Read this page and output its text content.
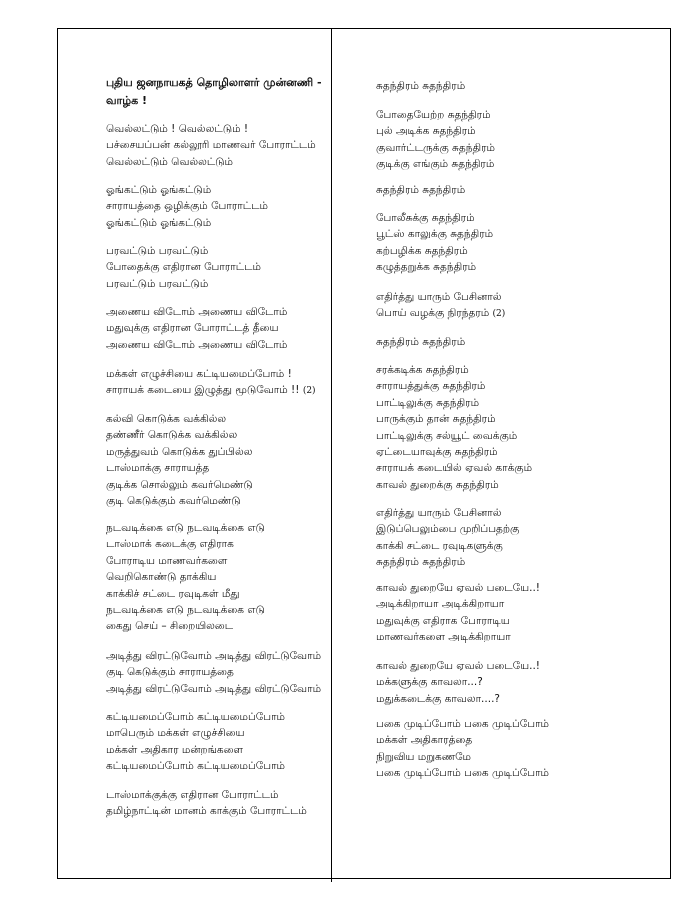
புதிய ஜனநாயகத் தொழிலாளர் முன்னணி -
வாழ்க !
வெல்லட்டும் ! வெல்லட்டும் !
பச்சையப்பன் கல்லூரி மாணவர் போராட்டம்
வெல்லட்டும் வெல்லட்டும்
ஓங்கட்டும் ஓங்கட்டும்
சாராயத்தை ஒழிக்கும் போராட்டம்
ஓங்கட்டும் ஓங்கட்டும்
பரவட்டும் பரவட்டும்
போதைக்கு எதிரான போராட்டம்
பரவட்டும் பரவட்டும்
அணைய விடோம் அணைய விடோம்
மதுவுக்கு எதிரான போராட்டத் தீயை
அணைய விடோம் அணைய விடோம்
மக்கள் எழுச்சியை கட்டியமைப்போம் !
சாராயக் கடையை இழுத்து மூடுவோம் !! (2)
கல்வி கொடுக்க வக்கில்ல
தண்ணீர் கொடுக்க வக்கில்ல
மருத்துவம் கொடுக்க துப்பில்ல
டாஸ்மாக்கு சாராயத்த
குடிக்க சொல்லும் கவர்மெண்டு
குடி கெடுக்கும் கவர்மெண்டு
நடவடிக்கை எடு நடவடிக்கை எடு
டாஸ்மாக் கடைக்கு எதிராக
போராடிய மாணவர்களை
வெறிகொண்டு தாக்கிய
காக்கிச் சட்டை ரவுடிகள் மீது
நடவடிக்கை எடு நடவடிக்கை எடு
கைது செய் – சிறையிலடை
அடித்து விரட்டுவோம் அடித்து விரட்டுவோம்
குடி கெடுக்கும் சாராயத்தை
அடித்து விரட்டுவோம் அடித்து விரட்டுவோம்
கட்டியமைப்போம் கட்டியமைப்போம்
மாபெரும் மக்கள் எழுச்சியை
மக்கள் அதிகார மன்றங்களை
கட்டியமைப்போம் கட்டியமைப்போம்
டாஸ்மாக்குக்கு எதிரான போராட்டம்
தமிழ்நாட்டின் மானம் காக்கும் போராட்டம்
சுதந்திரம் சுதந்திரம்
போதையேற்ற சுதந்திரம்
புல் அடிக்க சுதந்திரம்
குவார்ட்டருக்கு சுதந்திரம்
குடிக்கு எங்கும் சுதந்திரம்
சுதந்திரம் சுதந்திரம்
போலீசுக்கு சுதந்திரம்
பூட்ஸ் காலுக்கு சுதந்திரம்
கற்பழிக்க சுதந்திரம்
கழுத்தறுக்க சுதந்திரம்
எதிர்த்து யாரும் பேசினால்
பொய் வழக்கு நிரந்தரம் (2)
சுதந்திரம் சுதந்திரம்
சரக்கடிக்க சுதந்திரம்
சாராயத்துக்கு சுதந்திரம்
பாட்டிலுக்கு சுதந்திரம்
பாருக்கும் தான் சுதந்திரம்
பாட்டிலுக்கு சல்யூட் வைக்கும்
ஏட்டையாவுக்கு சுதந்திரம்
சாராயக் கடையில் ஏவல் காக்கும்
காவல் துறைக்கு சுதந்திரம்
எதிர்த்து யாரும் பேசினால்
இடுப்பெலும்பை முறிப்பதற்கு
காக்கி சட்டை ரவுடிகளுக்கு
சுதந்திரம் சுதந்திரம்
காவல் துறையே ஏவல் படையே..!
அடிக்கிறாயா அடிக்கிறாயா
மதுவுக்கு எதிராக போராடிய
மாணவர்களை அடிக்கிறாயா
காவல் துறையே ஏவல் படையே..!
மக்களுக்கு காவலா...?
மதுக்கடைக்கு காவலா....?
பகை முடிப்போம் பகை முடிப்போம்
மக்கள் அதிகாரத்தை
நிறுவிய மறுகணமே
பகை முடிப்போம் பகை முடிப்போம்
